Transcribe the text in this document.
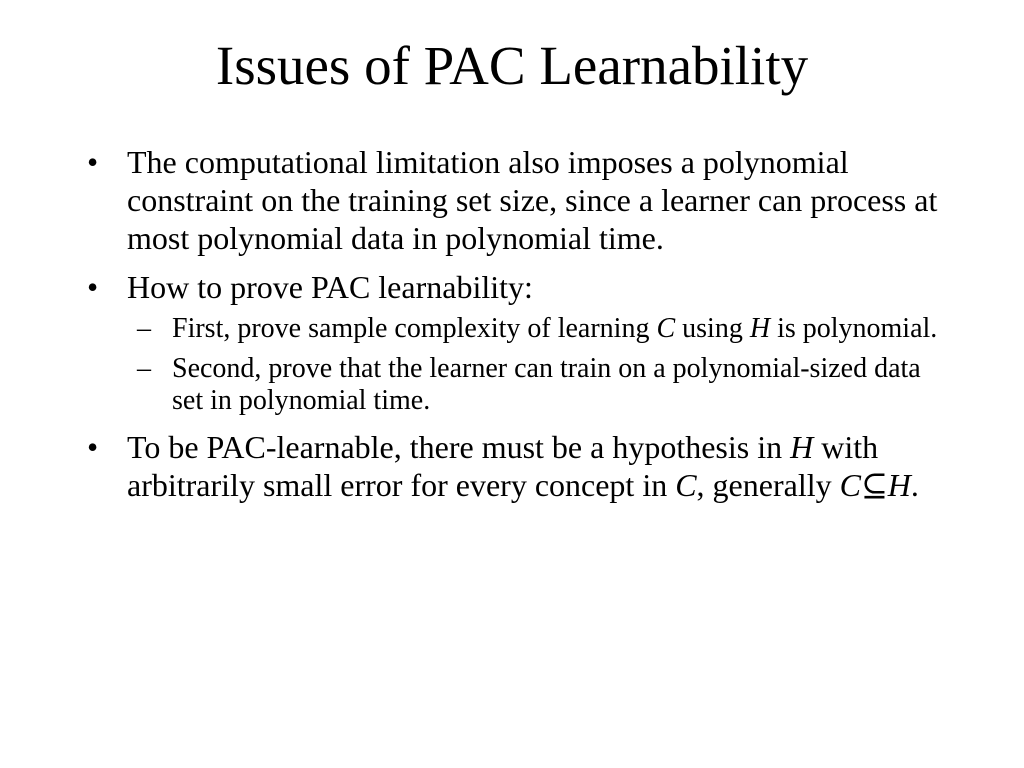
Issues of PAC Learnability
• The computational limitation also imposes a polynomial constraint on the training set size, since a learner can process at most polynomial data in polynomial time.
• How to prove PAC learnability:
– First, prove sample complexity of learning C using H is polynomial.
– Second, prove that the learner can train on a polynomial-sized data set in polynomial time.
• To be PAC-learnable, there must be a hypothesis in H with arbitrarily small error for every concept in C, generally C⊆H.
